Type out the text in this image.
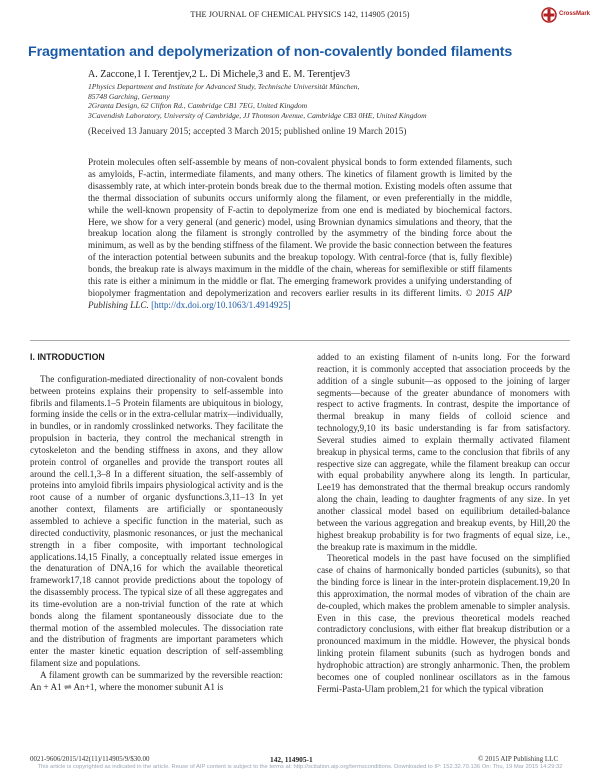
THE JOURNAL OF CHEMICAL PHYSICS 142, 114905 (2015)	CrossMark
Fragmentation and depolymerization of non-covalently bonded filaments
A. Zaccone,1 I. Terentjev,2 L. Di Michele,3 and E. M. Terentjev3
1Physics Department and Institute for Advanced Study, Technische Universität München,
85748 Garching, Germany
2Granta Design, 62 Clifton Rd., Cambridge CB1 7EG, United Kingdom
3Cavendish Laboratory, University of Cambridge, JJ Thomson Avenue, Cambridge CB3 0HE, United Kingdom
(Received 13 January 2015; accepted 3 March 2015; published online 19 March 2015)
Protein molecules often self-assemble by means of non-covalent physical bonds to form extended filaments, such as amyloids, F-actin, intermediate filaments, and many others. The kinetics of filament growth is limited by the disassembly rate, at which inter-protein bonds break due to the thermal motion. Existing models often assume that the thermal dissociation of subunits occurs uniformly along the filament, or even preferentially in the middle, while the well-known propensity of F-actin to depolymerize from one end is mediated by biochemical factors. Here, we show for a very general (and generic) model, using Brownian dynamics simulations and theory, that the breakup location along the filament is strongly controlled by the asymmetry of the binding force about the minimum, as well as by the bending stiffness of the filament. We provide the basic connection between the features of the interaction potential between subunits and the breakup topology. With central-force (that is, fully flexible) bonds, the breakup rate is always maximum in the middle of the chain, whereas for semiflexible or stiff filaments this rate is either a minimum in the middle or flat. The emerging framework provides a unifying understanding of biopolymer fragmentation and depolymerization and recovers earlier results in its different limits. © 2015 AIP Publishing LLC. [http://dx.doi.org/10.1063/1.4914925]
I. INTRODUCTION

The configuration-mediated directionality of non-covalent bonds between proteins explains their propensity to self-assemble into fibrils and filaments.1–5 Protein filaments are ubiquitous in biology, forming inside the cells or in the extra-cellular matrix—individually, in bundles, or in randomly crosslinked networks. They facilitate the propulsion in bacteria, they control the mechanical strength in cytoskeleton and the bending stiffness in axons, and they allow protein control of organelles and provide the transport routes all around the cell.1,3–8 In a different situation, the self-assembly of proteins into amyloid fibrils impairs physiological activity and is the root cause of a number of organic dysfunctions.3,11–13 In yet another context, filaments are artificially or spontaneously assembled to achieve a specific function in the material, such as directed conductivity, plasmonic resonances, or just the mechanical strength in a fiber composite, with important technological applications.14,15 Finally, a conceptually related issue emerges in the denaturation of DNA,16 for which the available theoretical framework17,18 cannot provide predictions about the topology of the disassembly process. The typical size of all these aggregates and its time-evolution are a non-trivial function of the rate at which bonds along the filament spontaneously dissociate due to the thermal motion of the assembled molecules. The dissociation rate and the distribution of fragments are important parameters which enter the master kinetic equation description of self-assembling filament size and populations.

A filament growth can be summarized by the reversible reaction: An + A1 ⇌ An+1, where the monomer subunit A1 is

added to an existing filament of n-units long. For the forward reaction, it is commonly accepted that association proceeds by the addition of a single subunit—as opposed to the joining of larger segments—because of the greater abundance of monomers with respect to active fragments. In contrast, despite the importance of thermal breakup in many fields of colloid science and technology,9,10 its basic understanding is far from satisfactory. Several studies aimed to explain thermally activated filament breakup in physical terms, came to the conclusion that fibrils of any respective size can aggregate, while the filament breakup can occur with equal probability anywhere along its length. In particular, Lee19 has demonstrated that the thermal breakup occurs randomly along the chain, leading to daughter fragments of any size. In yet another classical model based on equilibrium detailed-balance between the various aggregation and breakup events, by Hill,20 the highest breakup probability is for two fragments of equal size, i.e., the breakup rate is maximum in the middle.

Theoretical models in the past have focused on the simplified case of chains of harmonically bonded particles (subunits), so that the binding force is linear in the inter-protein displacement.19,20 In this approximation, the normal modes of vibration of the chain are de-coupled, which makes the problem amenable to simpler analysis. Even in this case, the previous theoretical models reached contradictory conclusions, with either flat breakup distribution or a pronounced maximum in the middle. However, the physical bonds linking protein filament subunits (such as hydrogen bonds and hydrophobic attraction) are strongly anharmonic. Then, the problem becomes one of coupled nonlinear oscillators as in the famous Fermi-Pasta-Ulam problem,21 for which the typical vibration

0021-9606/2015/142(11)/114905/9/$30.00	142, 114905-1	© 2015 AIP Publishing LLC
This article is copyrighted as indicated in the article. Reuse of AIP content is subject to the terms at: http://scitation.aip.org/termsconditions. Downloaded to IP: 152.32.70.136 On: Thu, 19 Mar 2015 14:29:32
